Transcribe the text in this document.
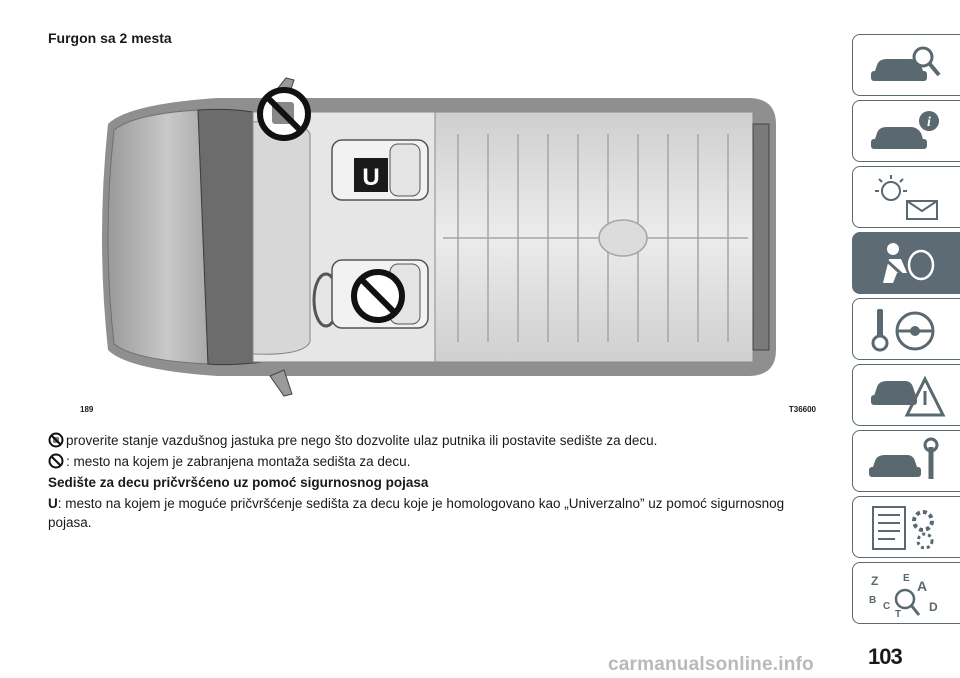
Furgon sa 2 mesta
U
189	T36600

proverite stanje vazdušnog jastuka pre nego što dozvolite ulaz putnika ili postavite sedište za decu.

: mesto na kojem je zabranjena montaža sedišta za decu.

Sedište za decu pričvršćeno uz pomoć sigurnosnog pojasa

U: mesto na kojem je moguće pričvršćenje sedišta za decu koje je homologovano kao „Univerzalno” uz pomoć sigurnosnog pojasa.

i
Z E A
B
C
T
D
103
carmanualsonline.info
